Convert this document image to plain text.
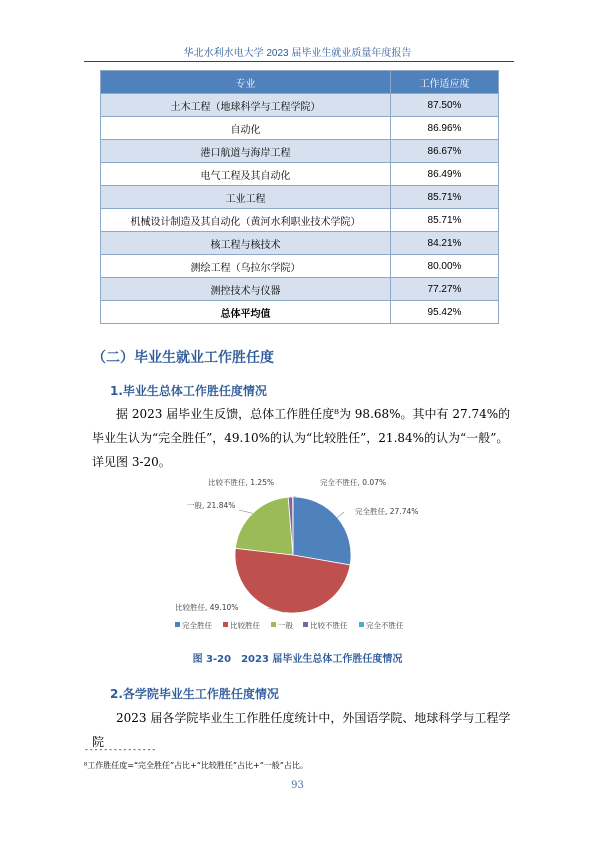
华北水利水电大学 2023 届毕业生就业质量年度报告
专业	工作适应度
土木工程（地球科学与工程学院）	87.50%
自动化	86.96%
港口航道与海岸工程	86.67%
电气工程及其自动化	86.49%
工业工程	85.71%
机械设计制造及其自动化（黄河水利职业技术学院）	85.71%
核工程与核技术	84.21%
测绘工程（乌拉尔学院）	80.00%
测控技术与仪器	77.27%
总体平均值	95.42%
（二）毕业生就业工作胜任度
1.毕业生总体工作胜任度情况
据 2023 届毕业生反馈，总体工作胜任度⁸为 98.68%。其中有 27.74%的毕业生认为“完全胜任”，49.10%的认为“比较胜任”，21.84%的认为“一般”。详见图 3-20。
完全胜任, 27.74%
比较胜任, 49.10%
一般, 21.84%
比较不胜任, 1.25%	完全不胜任, 0.07%
完全胜任 比较胜任 一般 比较不胜任 完全不胜任
图 3-20　2023 届毕业生总体工作胜任度情况
2.各学院毕业生工作胜任度情况
2023 届各学院毕业生工作胜任度统计中，外国语学院、地球科学与工程学院
---------------
⁸工作胜任度=“完全胜任”占比+“比较胜任”占比+“一般”占比。
93
